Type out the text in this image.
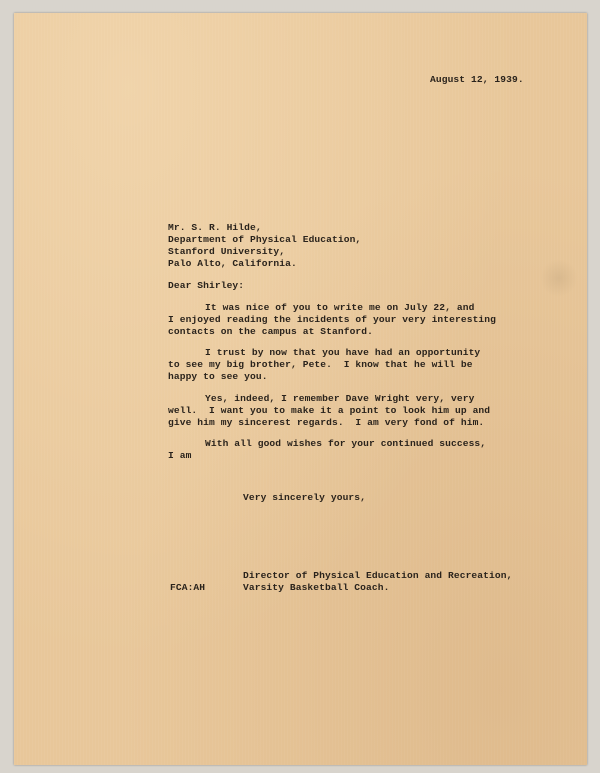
August 12, 1939.

Mr. S. R. Hilde,

Department of Physical Education,

Stanford University,

Palo Alto, California.

Dear Shirley:

It was nice of you to write me on July 22, and

I enjoyed reading the incidents of your very interesting

contacts on the campus at Stanford.

I trust by now that you have had an opportunity

to see my big brother, Pete.  I know that he will be

happy to see you.

Yes, indeed, I remember Dave Wright very, very

well.  I want you to make it a point to look him up and

give him my sincerest regards.  I am very fond of him.

With all good wishes for your continued success,

I am

Very sincerely yours,

Director of Physical Education and Recreation,

FCA:AH	Varsity Basketball Coach.
